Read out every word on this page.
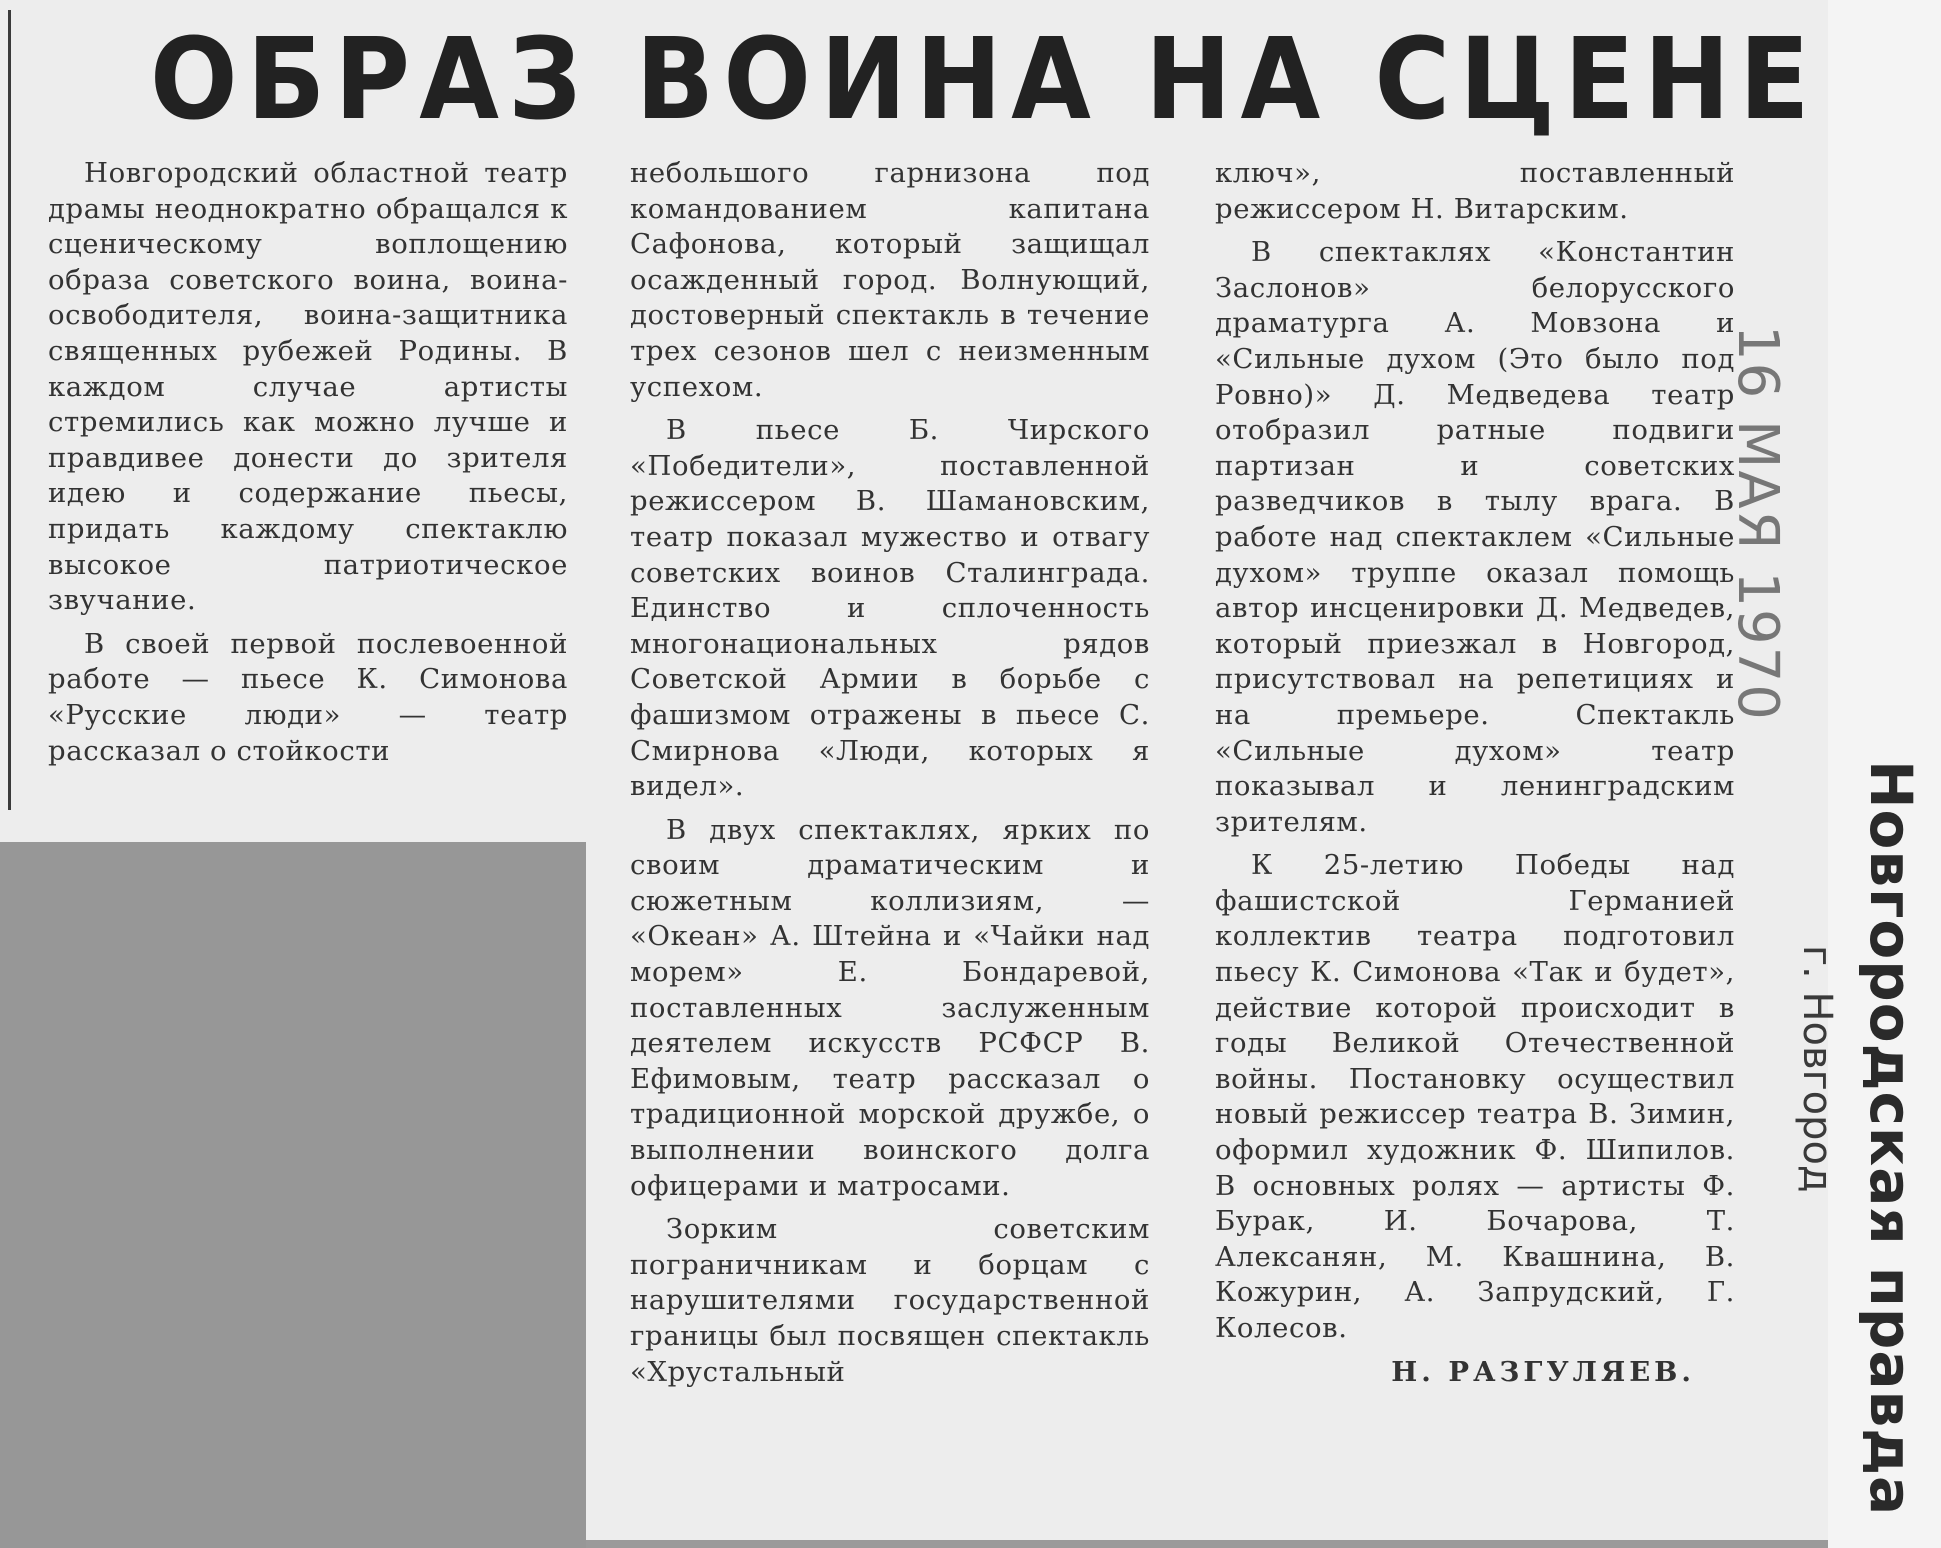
ОБРАЗ ВОИНА НА СЦЕНЕ

Новгородский областной театр драмы неоднократно обращался к сценическому воплощению образа советского воина, воина-освободителя, воина-защитника священных рубежей Родины. В каждом случае артисты стремились как можно лучше и правдивее донести до зрителя идею и содержание пьесы, придать каждому спектаклю высокое патриотическое звучание.

В своей первой послевоенной работе — пьесе К. Симонова «Русские люди» — театр рассказал о стойкости

небольшого гарнизона под командованием капитана Сафонова, который защищал осажденный город. Волнующий, достоверный спектакль в течение трех сезонов шел с неизменным успехом.

В пьесе Б. Чирского «Победители», поставленной режиссером В. Шамановским, театр показал мужество и отвагу советских воинов Сталинграда. Единство и сплоченность многонациональных рядов Советской Армии в борьбе с фашизмом отражены в пьесе С. Смирнова «Люди, которых я видел».

В двух спектаклях, ярких по своим драматическим и сюжетным коллизиям, — «Океан» А. Штейна и «Чайки над морем» Е. Бондаревой, поставленных заслуженным деятелем искусств РСФСР В. Ефимовым, театр рассказал о традиционной морской дружбе, о выполнении воинского долга офицерами и матросами.

Зорким советским пограничникам и борцам с нарушителями государственной границы был посвящен спектакль «Хрустальный

ключ», поставленный режиссером Н. Витарским.

В спектаклях «Константин Заслонов» белорусского драматурга А. Мовзона и «Сильные духом (Это было под Ровно)» Д. Медведева театр отобразил ратные подвиги партизан и советских разведчиков в тылу врага. В работе над спектаклем «Сильные духом» труппе оказал помощь автор инсценировки Д. Медведев, который приезжал в Новгород, присутствовал на репетициях и на премьере. Спектакль «Сильные духом» театр показывал и ленинградским зрителям.

К 25-летию Победы над фашистской Германией коллектив театра подготовил пьесу К. Симонова «Так и будет», действие которой происходит в годы Великой Отечественной войны. Постановку осуществил новый режиссер театра В. Зимин, оформил художник Ф. Шипилов. В основных ролях — артисты Ф. Бурак, И. Бочарова, Т. Алексанян, М. Квашнина, В. Кожурин, А. Запрудский, Г. Колесов.

Н. РАЗГУЛЯЕВ.
16 МАЯ 1970
Новгородская правда
г. Новгород
